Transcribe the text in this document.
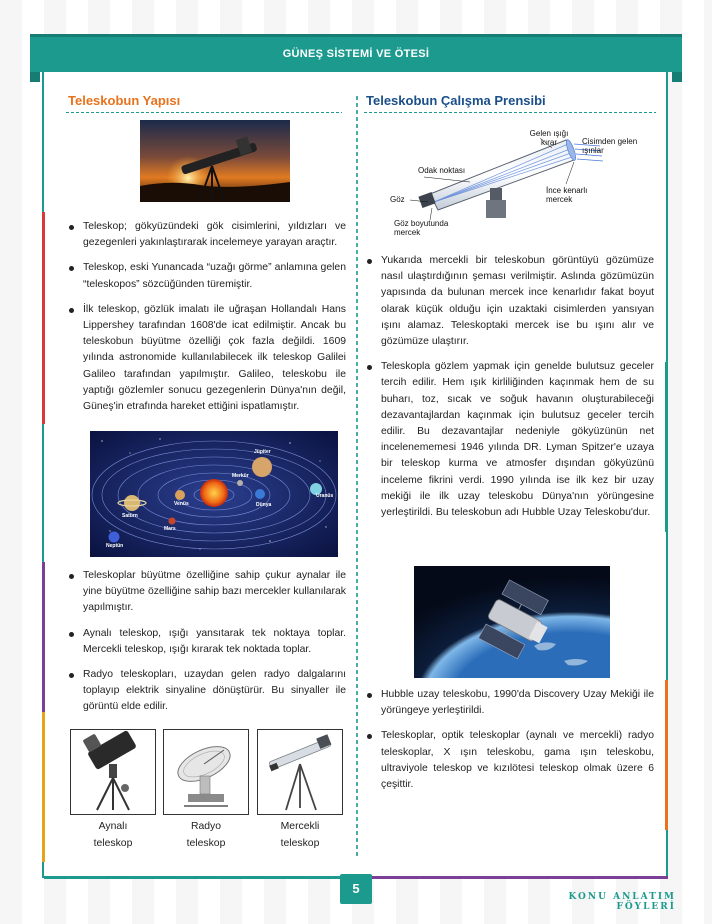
GÜNEŞ SİSTEMİ VE ÖTESİ
Teleskobun Yapısı
Teleskop; gökyüzündeki gök cisimlerini, yıldızları ve gezegenleri yakınlaştırarak incelemeye yarayan araçtır.
Teleskop, eski Yunancada “uzağı görme” anlamına gelen “teleskopos” sözcüğünden türemiştir.
İlk teleskop, gözlük imalatı ile uğraşan Hollandalı Hans Lippershey tarafından 1608'de icat edilmiştir. Ancak bu teleskobun büyütme özelliği çok fazla değildi. 1609 yılında astronomide kullanılabilecek ilk teleskop Galilei Galileo tarafından yapılmıştır. Galileo, teleskobu ile yaptığı gözlemler sonucu gezegenlerin Dünya'nın değil, Güneş'in etrafında hareket ettiğini ispatlamıştır.
Jüpiter
Merkür
Uranüs
Satürn
Venüs	Dünya
Mars
Neptün
Teleskoplar büyütme özelliğine sahip çukur aynalar ile yine büyütme özelliğine sahip bazı mercekler kullanılarak yapılmıştır.
Aynalı teleskop, ışığı yansıtarak tek noktaya toplar. Mercekli teleskop, ışığı kırarak tek noktada toplar.
Radyo teleskopları, uzaydan gelen radyo dalgalarını toplayıp elektrik sinyaline dönüştürür. Bu sinyaller ile görüntü elde edilir.
Aynalı
teleskop
Radyo
teleskop
Mercekli
teleskop
Teleskobun Çalışma Prensibi
Gelen ışığı kırar	Cisimden gelen ışınlar
Odak noktası
İnce kenarlı mercek
Göz
Göz boyutunda mercek
Yukarıda mercekli bir teleskobun görüntüyü gözümüze nasıl ulaştırdığının şeması verilmiştir. Aslında gözümüzün yapısında da bulunan mercek ince kenarlıdır fakat boyut olarak küçük olduğu için uzaktaki cisimlerden yansıyan ışını alamaz. Teleskoptaki mercek ise bu ışını alır ve gözümüze ulaştırır.
Teleskopla gözlem yapmak için genelde bulutsuz geceler tercih edilir. Hem ışık kirliliğinden kaçınmak hem de su buharı, toz, sıcak ve soğuk havanın oluşturabileceği dezavantajlardan kaçınmak için bulutsuz geceler tercih edilir. Bu dezavantajlar nedeniyle gökyüzünün net incelenememesi 1946 yılında DR. Lyman Spitzer'e uzaya bir teleskop kurma ve atmosfer dışından gökyüzünü inceleme fikrini verdi. 1990 yılında ise ilk kez bir uzay mekiği ile ilk uzay teleskobu Dünya'nın yörüngesine yerleştirildi. Bu teleskobun adı Hubble Uzay Teleskobu'dur.
Hubble uzay teleskobu, 1990'da Discovery Uzay Mekiği ile yörüngeye yerleştirildi.
Teleskoplar, optik teleskoplar (aynalı ve mercekli) radyo teleskoplar, X ışın teleskobu, gama ışın teleskobu, ultraviyole teleskop ve kızılötesi teleskop olmak üzere 6 çeşittir.
5
KONU ANLATIM FÖYLERİ
